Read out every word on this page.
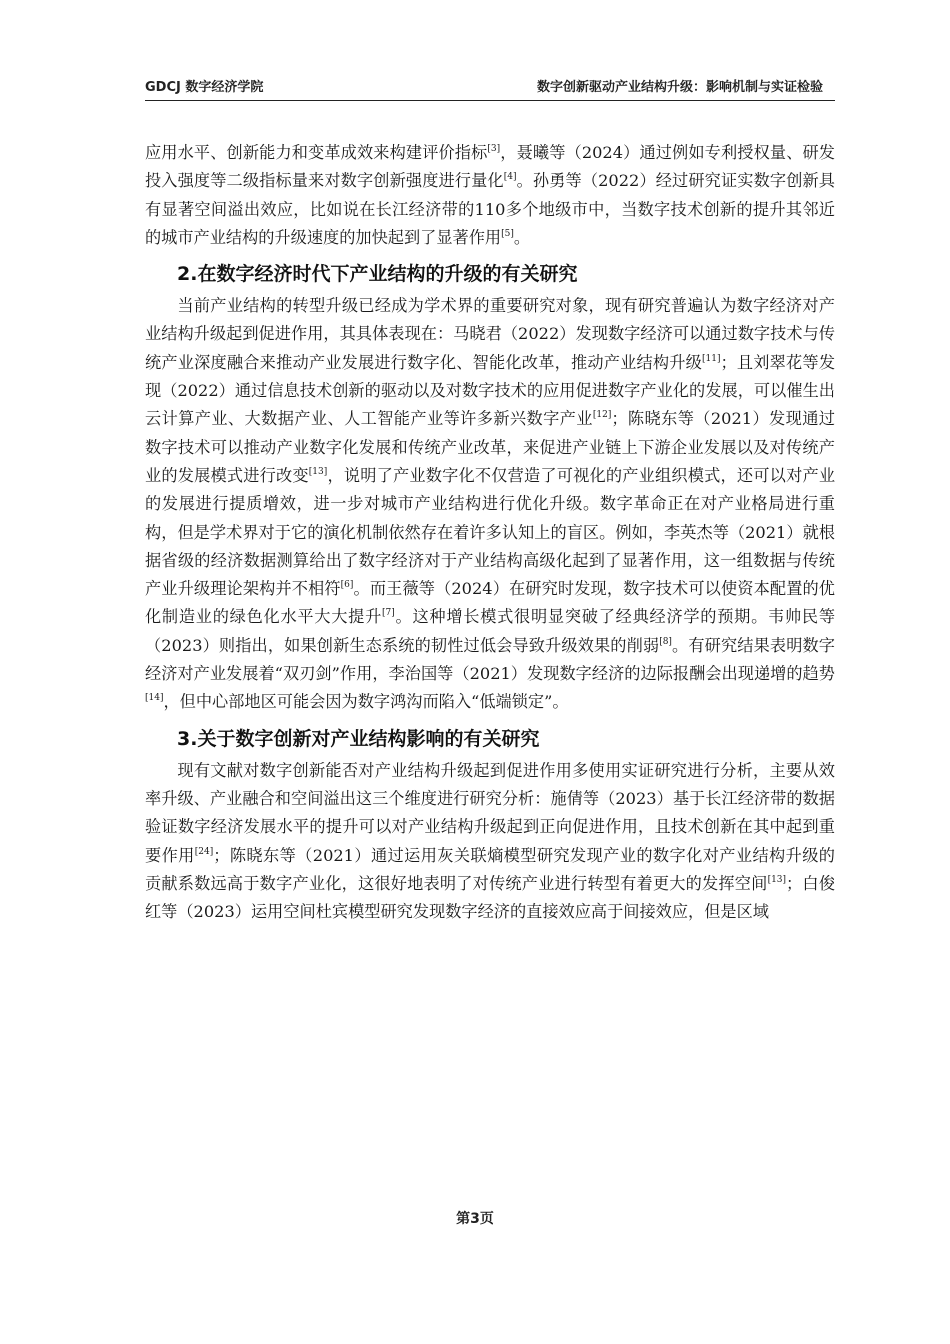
GDCJ 数字经济学院	数字创新驱动产业结构升级：影响机制与实证检验

应用水平、创新能力和变革成效来构建评价指标[3]，聂曦等（2024）通过例如专利授权量、研发投入强度等二级指标量来对数字创新强度进行量化[4]。孙勇等（2022）经过研究证实数字创新具有显著空间溢出效应，比如说在长江经济带的110多个地级市中，当数字技术创新的提升其邻近的城市产业结构的升级速度的加快起到了显著作用[5]。

2.在数字经济时代下产业结构的升级的有关研究

当前产业结构的转型升级已经成为学术界的重要研究对象，现有研究普遍认为数字经济对产业结构升级起到促进作用，其具体表现在：马晓君（2022）发现数字经济可以通过数字技术与传统产业深度融合来推动产业发展进行数字化、智能化改革，推动产业结构升级[11]；且刘翠花等发现（2022）通过信息技术创新的驱动以及对数字技术的应用促进数字产业化的发展，可以催生出云计算产业、大数据产业、人工智能产业等许多新兴数字产业[12]；陈晓东等（2021）发现通过数字技术可以推动产业数字化发展和传统产业改革，来促进产业链上下游企业发展以及对传统产业的发展模式进行改变[13]，说明了产业数字化不仅营造了可视化的产业组织模式，还可以对产业的发展进行提质增效，进一步对城市产业结构进行优化升级。数字革命正在对产业格局进行重构，但是学术界对于它的演化机制依然存在着许多认知上的盲区。例如，李英杰等（2021）就根据省级的经济数据测算给出了数字经济对于产业结构高级化起到了显著作用，这一组数据与传统产业升级理论架构并不相符[6]。而王薇等（2024）在研究时发现，数字技术可以使资本配置的优化制造业的绿色化水平大大提升[7]。这种增长模式很明显突破了经典经济学的预期。韦帅民等（2023）则指出，如果创新生态系统的韧性过低会导致升级效果的削弱[8]。有研究结果表明数字经济对产业发展着“双刃剑”作用，李治国等（2021）发现数字经济的边际报酬会出现递增的趋势[14]，但中心部地区可能会因为数字鸿沟而陷入“低端锁定”。

3.关于数字创新对产业结构影响的有关研究

现有文献对数字创新能否对产业结构升级起到促进作用多使用实证研究进行分析，主要从效率升级、产业融合和空间溢出这三个维度进行研究分析：施倩等（2023）基于长江经济带的数据验证数字经济发展水平的提升可以对产业结构升级起到正向促进作用，且技术创新在其中起到重要作用[24]；陈晓东等（2021）通过运用灰关联熵模型研究发现产业的数字化对产业结构升级的贡献系数远高于数字产业化，这很好地表明了对传统产业进行转型有着更大的发挥空间[13]；白俊红等（2023）运用空间杜宾模型研究发现数字经济的直接效应高于间接效应，但是区域

第3页
